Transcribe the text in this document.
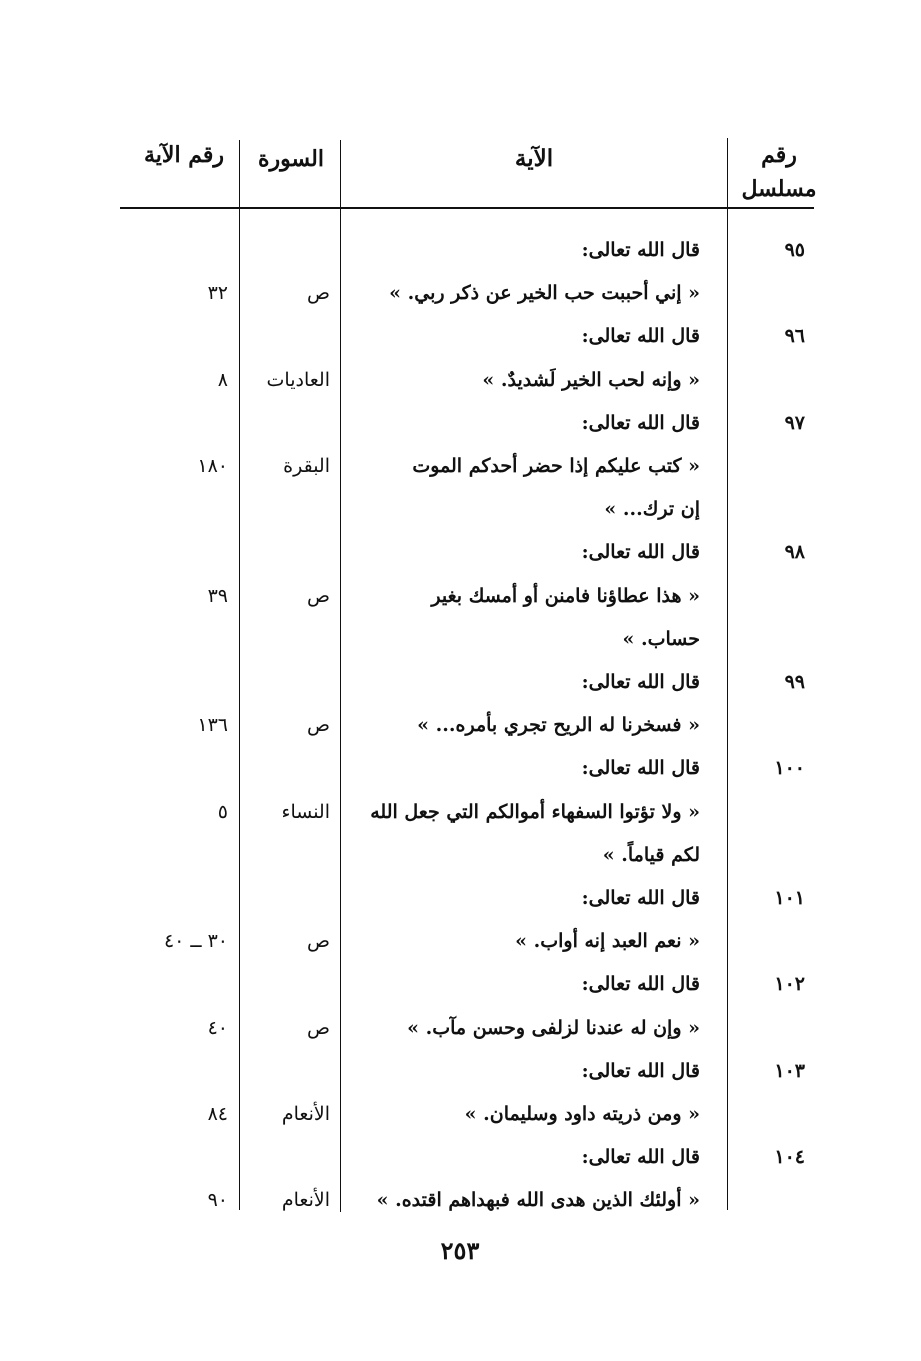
رقم مسلسل
الآية
السورة
رقم الآية
٩٥
قال الله تعالى:
« إني أحببت حب الخير عن ذكر ربي. »
ص
٣٢
٩٦
قال الله تعالى:
« وإنه لحب الخير لَشديدٌ. »
العاديات
٨
٩٧
قال الله تعالى:
« كتب عليكم إذا حضر أحدكم الموت
البقرة
١٨٠
إن ترك... »
٩٨
قال الله تعالى:
« هذا عطاؤنا فامنن أو أمسك بغير
ص
٣٩
حساب. »
٩٩
قال الله تعالى:
« فسخرنا له الريح تجري بأمره... »
ص
١٣٦
١٠٠
قال الله تعالى:
« ولا تؤتوا السفهاء أموالكم التي جعل الله
النساء
٥
لكم قياماً. »
١٠١
قال الله تعالى:
« نعم العبد إنه أواب. »
ص
٣٠ ــ ٤٠
١٠٢
قال الله تعالى:
« وإن له عندنا لزلفى وحسن مآب. »
ص
٤٠
١٠٣
قال الله تعالى:
« ومن ذريته داود وسليمان. »
الأنعام
٨٤
١٠٤
قال الله تعالى:
« أولئك الذين هدى الله فبهداهم اقتده. »
الأنعام
٩٠
٢٥٣
